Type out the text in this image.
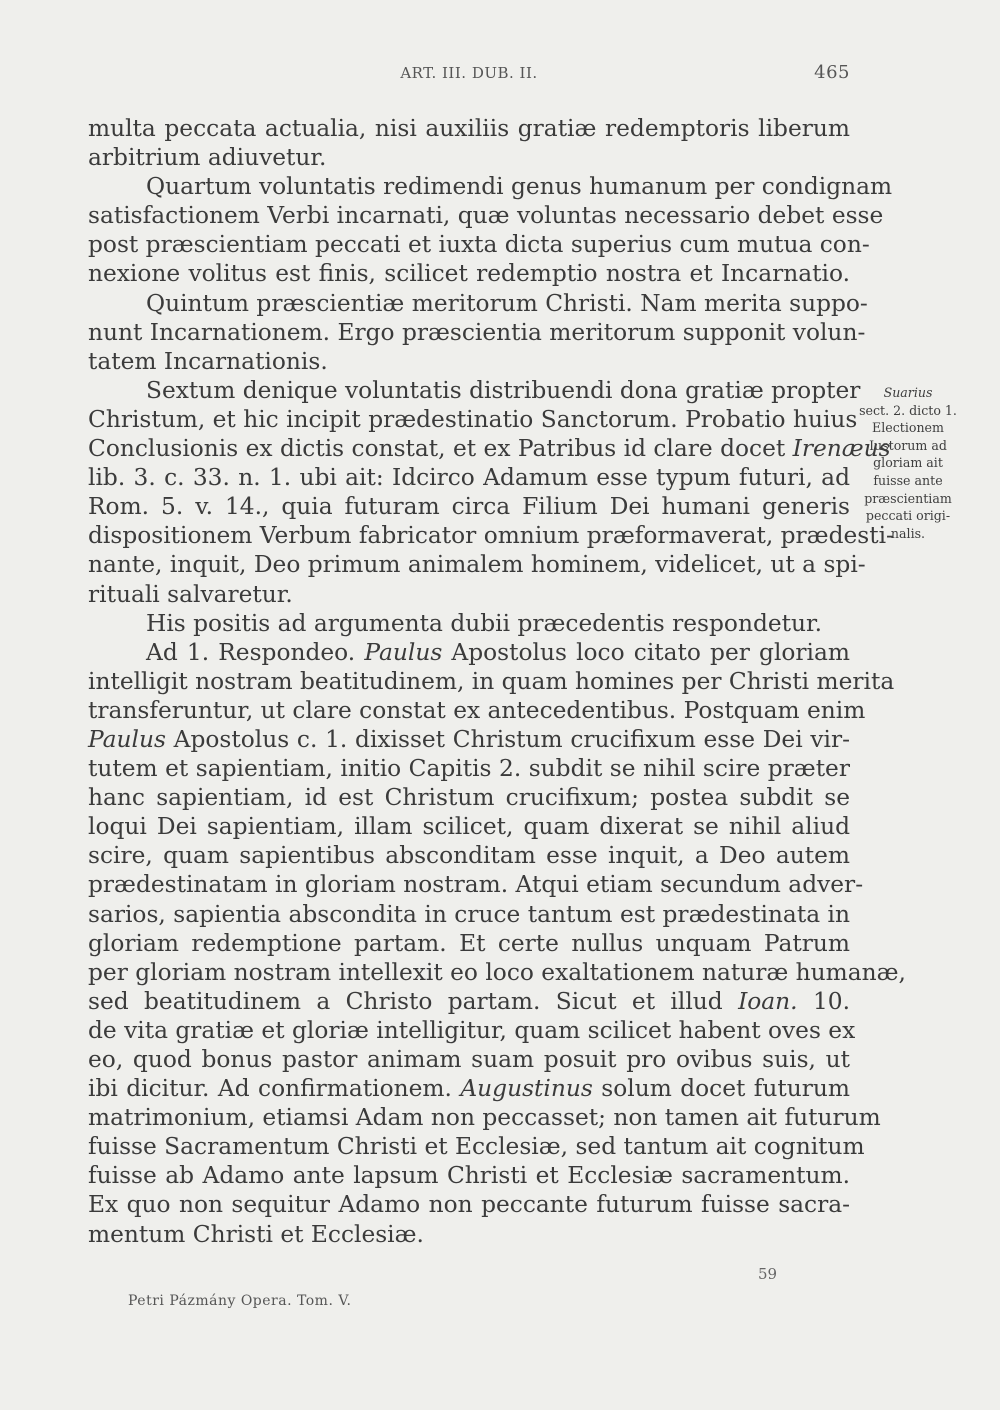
ART. III. DUB. II.	465
multa peccata actualia, nisi auxiliis gratiæ redemptoris liberum
arbitrium adiuvetur.
Quartum voluntatis redimendi genus humanum per condignam
satisfactionem Verbi incarnati, quæ voluntas necessario debet esse
post præscientiam peccati et iuxta dicta superius cum mutua con-
nexione volitus est finis, scilicet redemptio nostra et Incarnatio.
Quintum præscientiæ meritorum Christi. Nam merita suppo-
nunt Incarnationem. Ergo præscientia meritorum supponit volun-
tatem Incarnationis.
Sextum denique voluntatis distribuendi dona gratiæ propter
Christum, et hic incipit prædestinatio Sanctorum. Probatio huius
Conclusionis ex dictis constat, et ex Patribus id clare docet Irenæus
lib. 3. c. 33. n. 1. ubi ait: Idcirco Adamum esse typum futuri, ad
Rom. 5. v. 14., quia futuram circa Filium Dei humani generis
dispositionem Verbum fabricator omnium præformaverat, prædesti-
nante, inquit, Deo primum animalem hominem, videlicet, ut a spi-
rituali salvaretur.
His positis ad argumenta dubii præcedentis respondetur.
Ad 1. Respondeo. Paulus Apostolus loco citato per gloriam
intelligit nostram beatitudinem, in quam homines per Christi merita
transferuntur, ut clare constat ex antecedentibus. Postquam enim
Paulus Apostolus c. 1. dixisset Christum crucifixum esse Dei vir-
tutem et sapientiam, initio Capitis 2. subdit se nihil scire præter
hanc sapientiam, id est Christum crucifixum; postea subdit se
loqui Dei sapientiam, illam scilicet, quam dixerat se nihil aliud
scire, quam sapientibus absconditam esse inquit, a Deo autem
prædestinatam in gloriam nostram. Atqui etiam secundum adver-
sarios, sapientia abscondita in cruce tantum est prædestinata in
gloriam redemptione partam. Et certe nullus unquam Patrum
per gloriam nostram intellexit eo loco exaltationem naturæ humanæ,
sed beatitudinem a Christo partam. Sicut et illud Ioan. 10.
de vita gratiæ et gloriæ intelligitur, quam scilicet habent oves ex
eo, quod bonus pastor animam suam posuit pro ovibus suis, ut
ibi dicitur. Ad confirmationem. Augustinus solum docet futurum
matrimonium, etiamsi Adam non peccasset; non tamen ait futurum
fuisse Sacramentum Christi et Ecclesiæ, sed tantum ait cognitum
fuisse ab Adamo ante lapsum Christi et Ecclesiæ sacramentum.
Ex quo non sequitur Adamo non peccante futurum fuisse sacra-
mentum Christi et Ecclesiæ.
Suarius
sect. 2. dicto 1.
Electionem
Iustorum ad
gloriam ait
fuisse ante
præscientiam
peccati origi-
nalis.
Petri Pázmány Opera. Tom. V.
59
